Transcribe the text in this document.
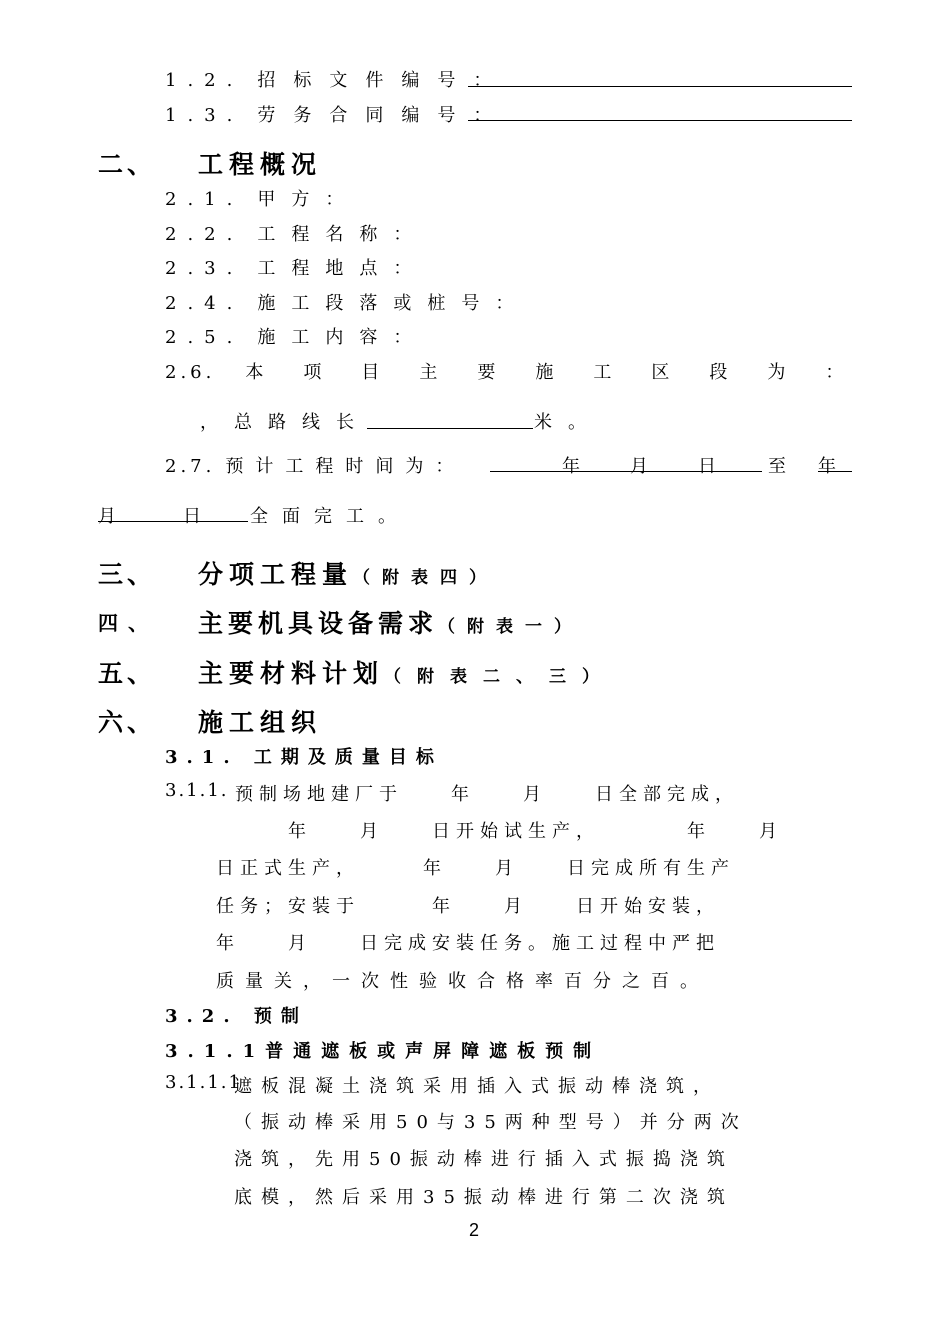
1.2. 招标文件编号：
1.3. 劳务合同编号：
二、 工程概况
2.1. 甲方：
2.2. 工程名称：
2.3. 工程地点：
2.4. 施工段落或桩号：
2.5. 施工内容：
2.6. 本项目主要施工区段为：
，总路线长	米。
2.7. 预计工程时间为：	年 月 日 至 年
月	日 全面完工。
三、 分项工程量（附表四）
四、 主要机具设备需求（附表一）
五、 主要材料计划（附表二、三）
六、 施工组织
3.1. 工期及质量目标
3.1.1. 预制场地建厂于　　年　　月　　日全部完成，
年　　月　　日开始试生产，　　　　年　　月
日正式生产，　　　年　　月　　日完成所有生产
任务；安装于　　　年　　月　　日开始安装，
年　　月　　日完成安装任务。施工过程中严把
质量关，一次性验收合格率百分之百。
3.2. 预制
3.1.1普通遮板或声屏障遮板预制
3.1.1.1
遮板混凝土浇筑采用插入式振动棒浇筑，
（振动棒采用50与35两种型号）并分两次
浇筑，先用50振动棒进行插入式振捣浇筑
底模，然后采用35振动棒进行第二次浇筑
2
